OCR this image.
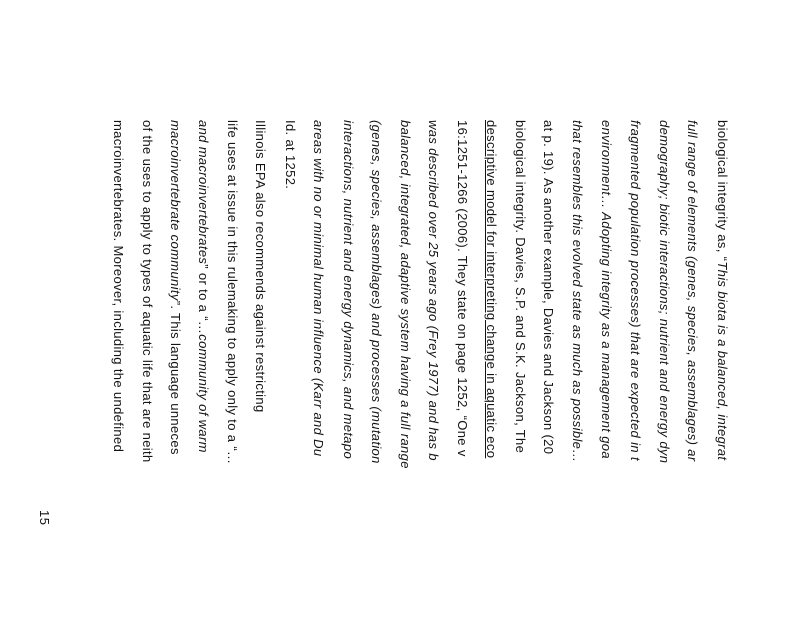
biological integrity as, “This biota is a balanced, integrat
full range of elements (genes, species, assemblages) ar
demography; biotic interactions; nutrient and energy dyn
fragmented population processes) that are expected in t
environment… Adopting integrity as a management goa
that resembles this evolved state as much as possible…
at p. 19). As another example, Davies and Jackson (20
biological integrity. Davies, S.P. and S.K. Jackson, The
descriptive model for interpreting change in aquatic eco
16:1251-1266 (2006). They state on page 1252, “One v
was described over 25 years ago (Frey 1977) and has b
balanced, integrated, adaptive system having a full range
(genes, species, assemblages) and processes (mutation
interactions, nutrient and energy dynamics, and metapo
areas with no or minimal human influence (Karr and Du
Id. at 1252.
Illinois EPA also recommends against restricting
life uses at issue in this rulemaking to apply only to a “…
and macroinvertebrates” or to a “…community of warm
macroinvertebrate community”. This language unneces
of the uses to apply to types of aquatic life that are neith
macroinvertebrates. Moreover, including the undefined
15
